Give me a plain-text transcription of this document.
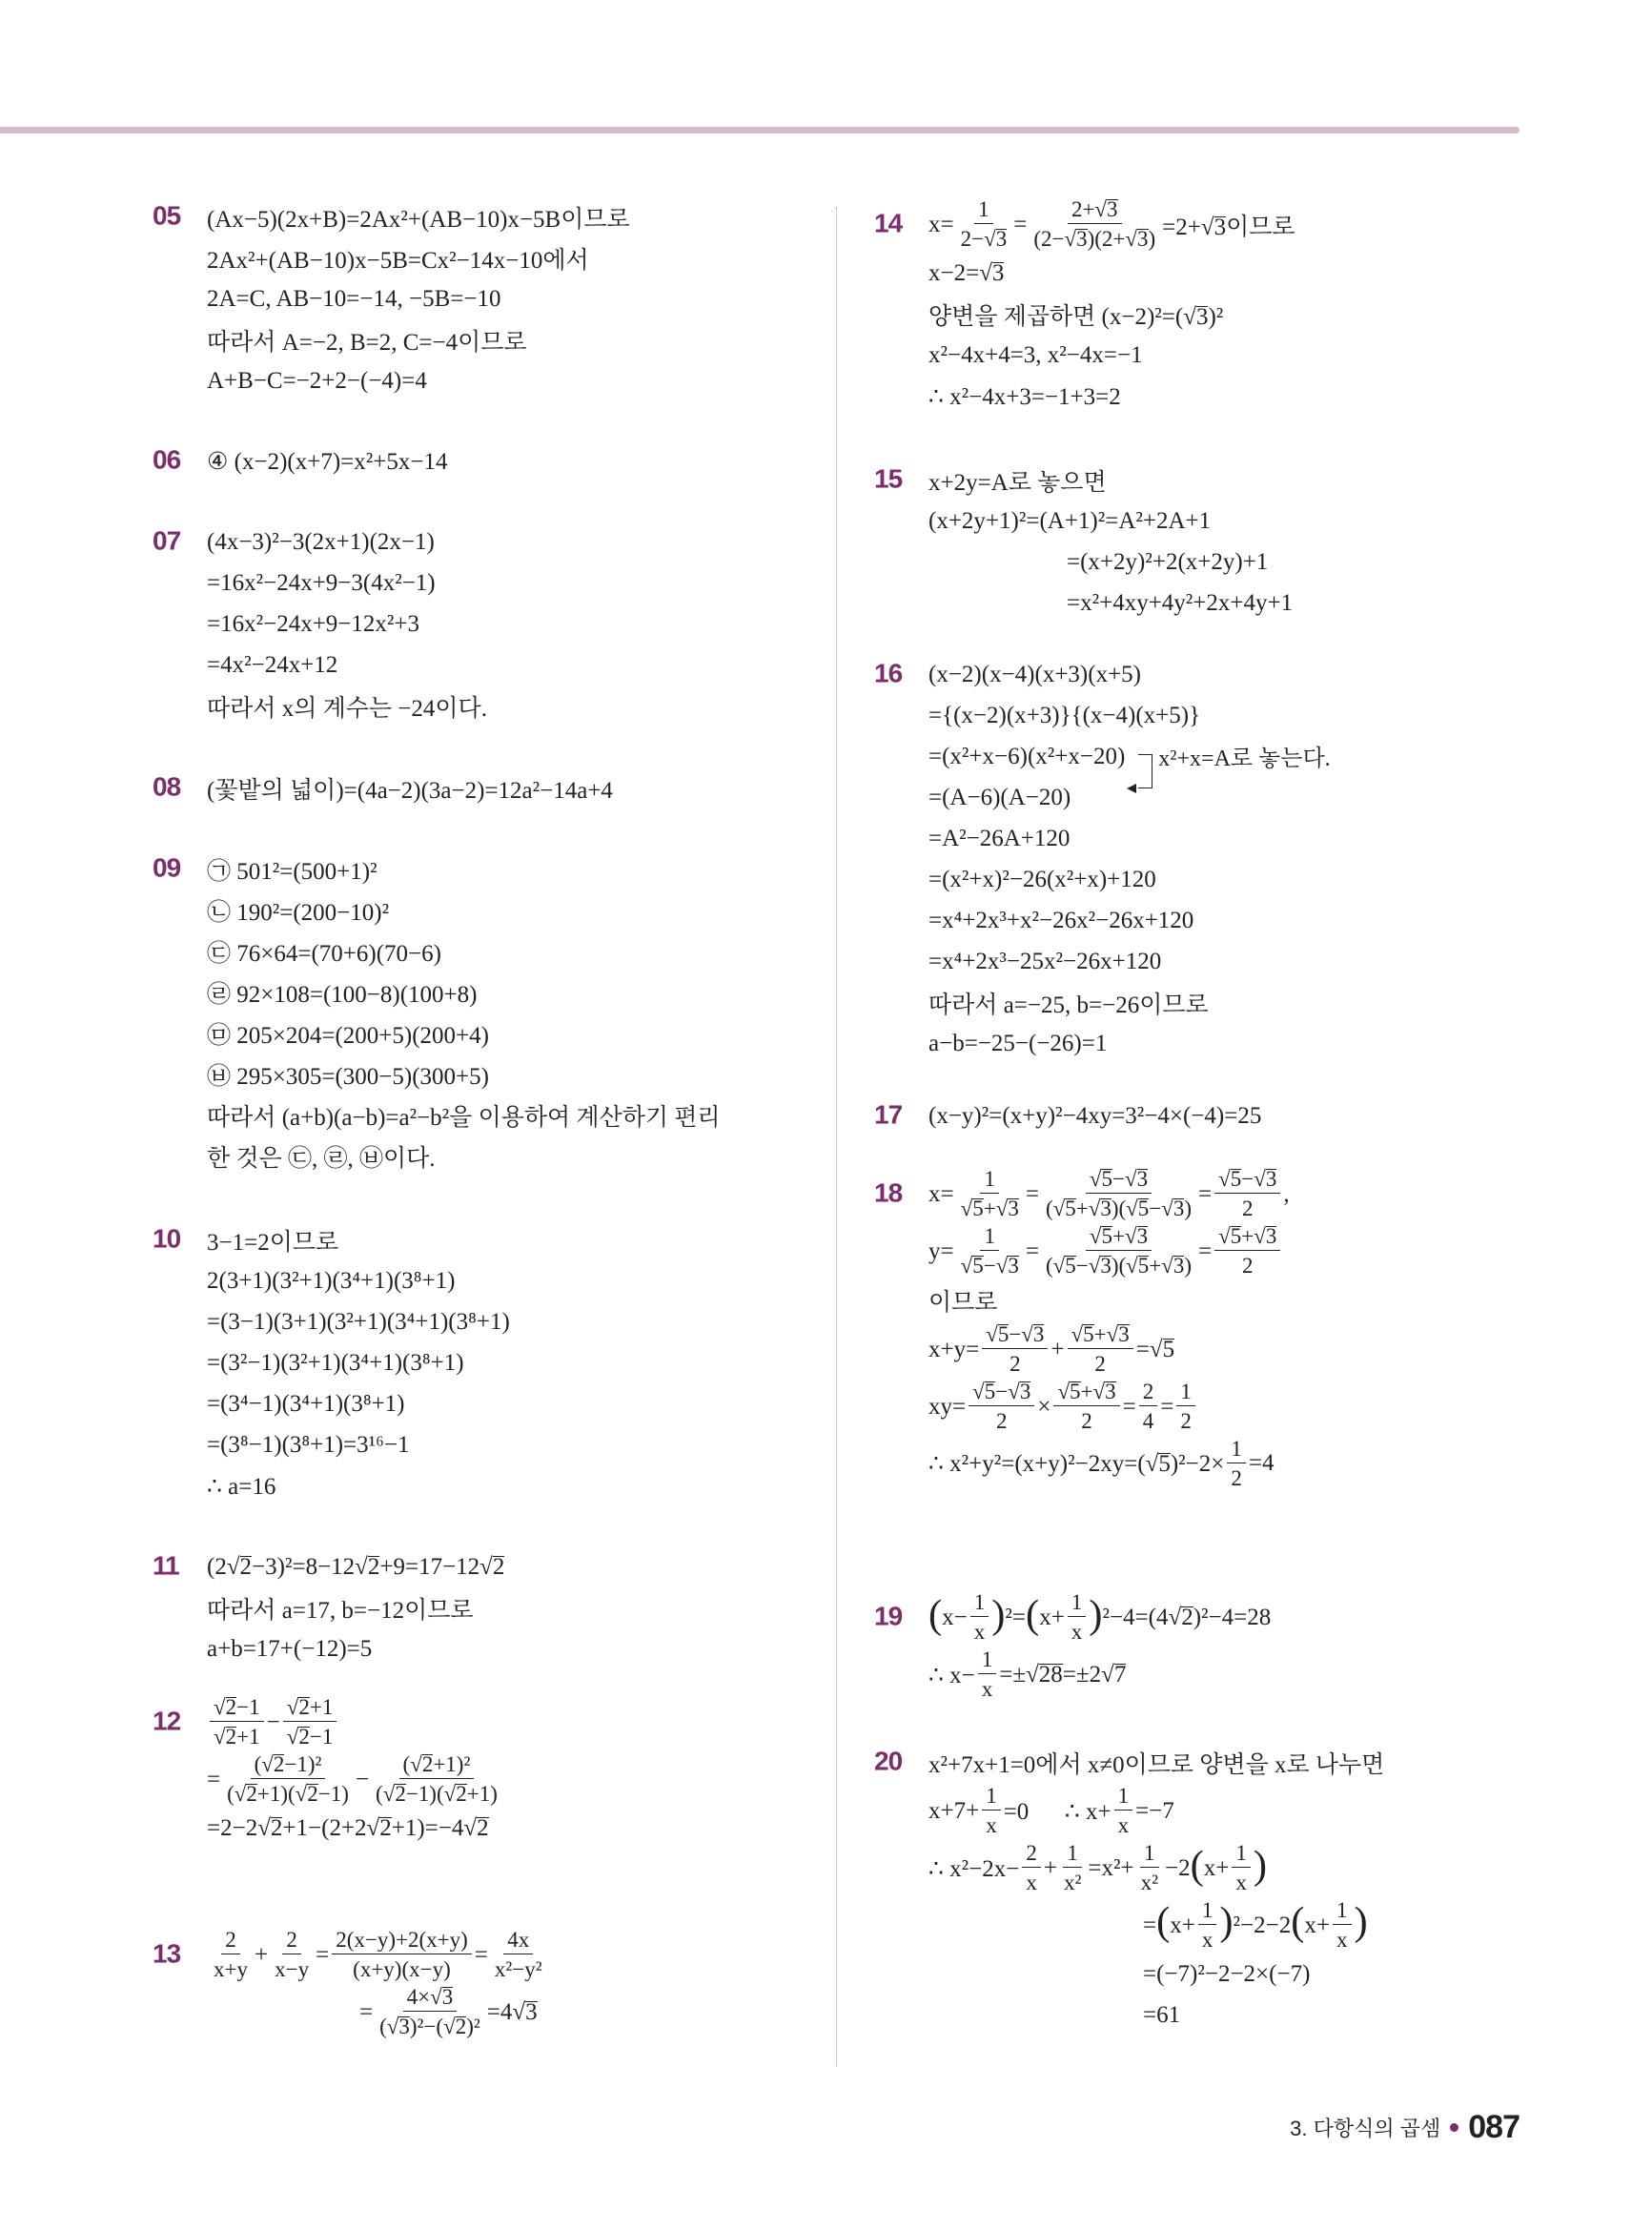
05 (Ax−5)(2x+B)=2Ax²+(AB−10)x−5B이므로
2Ax²+(AB−10)x−5B=Cx²−14x−10에서
2A=C, AB−10=−14, −5B=−10
따라서 A=−2, B=2, C=−4이므로
A+B−C=−2+2−(−4)=4
06 ④ (x−2)(x+7)=x²+5x−14
07 (4x−3)²−3(2x+1)(2x−1)
=16x²−24x+9−3(4x²−1)
=16x²−24x+9−12x²+3
=4x²−24x+12
따라서 x의 계수는 −24이다.
08 (꽃밭의 넓이)=(4a−2)(3a−2)=12a²−14a+4
09 ㉠ 501²=(500+1)²
㉡ 190²=(200−10)²
㉢ 76×64=(70+6)(70−6)
㉣ 92×108=(100−8)(100+8)
㉤ 205×204=(200+5)(200+4)
㉥ 295×305=(300−5)(300+5)
따라서 (a+b)(a−b)=a²−b²을 이용하여 계산하기 편리
한 것은 ㉢, ㉣, ㉥이다.
10 3−1=2이므로
2(3+1)(3²+1)(3⁴+1)(3⁸+1)
=(3−1)(3+1)(3²+1)(3⁴+1)(3⁸+1)
=(3²−1)(3²+1)(3⁴+1)(3⁸+1)
=(3⁴−1)(3⁴+1)(3⁸+1)
=(3⁸−1)(3⁸+1)=3¹⁶−1
∴ a=16
11 (2√2−3)²=8−12√2+9=17−12√2
따라서 a=17, b=−12이므로
a+b=17+(−12)=5
$12 \frac{√2-1}{√2+1} - \frac{√2+1}{√2-1}$
= $\frac{\text{(√2−1)²}}{(√2+1)(√2-1)} - \frac{\text{(√2+1)²}}{(√2-1)(√2+1)}$
=2−2√2+1−(2+2√2+1)=−4√2
$13 \frac{2}{x+y} + \frac{2}{x-y} = \frac{2(x-y)+2(x+y)}{(x+y)(x-y)} = \frac{4x}{\text{x²−y²}}$
= $\frac{4\times√3}{\text{(√3)²−(√2)²}} =4√3$
14 $x= \frac{1}{2-√3} = \frac{2+√3}{(2-√3)(2+√3)} =2+√3$이므로
x−2=√3
양변을 제곱하면 (x−2)²=(√3)²
x²−4x+4=3, x²−4x=−1
∴ x²−4x+3=−1+3=2
15 x+2y=A로 놓으면
(x+2y+1)²=(A+1)²=A²+2A+1
=(x+2y)²+2(x+2y)+1
=x²+4xy+4y²+2x+4y+1
16 (x−2)(x−4)(x+3)(x+5)
={(x−2)(x+3)}{(x−4)(x+5)}
=(x²+x−6)(x²+x−20) x²+x=A로 놓는다.
=(A−6)(A−20)
=A²−26A+120
=(x²+x)²−26(x²+x)+120
=x⁴+2x³+x²−26x²−26x+120
=x⁴+2x³−25x²−26x+120
따라서 a=−25, b=−26이므로
a−b=−25−(−26)=1
17 (x−y)²=(x+y)²−4xy=3²−4×(−4)=25
18 $x= \frac{1}{√5+√3} = \frac{√5-√3}{(√5+√3)(√5-√3)} = \frac{√5-√3}{2}$ ,
$y= \frac{1}{√5-√3} = \frac{√5+√3}{(√5-√3)(√5+√3)} = \frac{√5+√3}{2}$
이므로
$x+y= \frac{√5-√3}{2} + \frac{√5+√3}{2} =√5$
$xy= \frac{√5-√3}{2} \times \frac{√5+√3}{2} = \frac{2}{4} = \frac{1}{2}$
∴ $x^2+y^2=(x+y)^2-2xy=(√5)^2-2\times \frac{1}{2} =4$
19 ( $x- \frac{1}{x}$ ) ²= ( $x+ \frac{1}{x}$ ) ²−4=(4√2)²−4=28
∴ $x- \frac{1}{x} =\pm√28=\pm 2√7$
20 x²+7x+1=0에서 x≠0이므로 양변을 x로 나누면
$x+7+ \frac{1}{x} =0$      ∴ $x+ \frac{1}{x} =-7$
∴ $x^2-2x- \frac{2}{x} + \frac{1}{\text{x²}} =x^2+ \frac{1}{\text{x²}} -2$ ( $x+ \frac{1}{x}$ )
= ( $x+ \frac{1}{x}$ ) ²−2−2 ( $x+ \frac{1}{x}$ )
=(−7)²−2−2×(−7)
=61
3. 다항식의 곱셈 087
